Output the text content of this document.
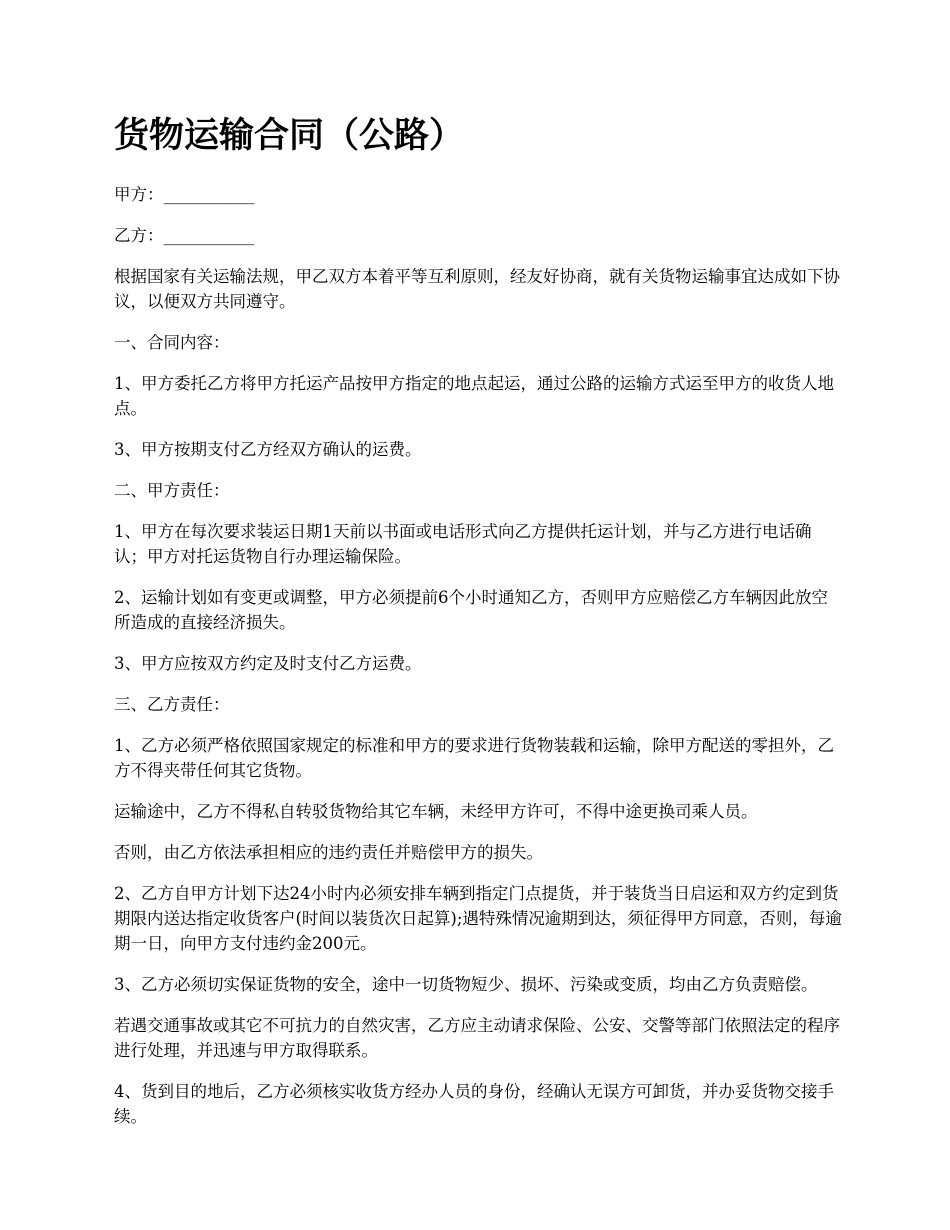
货物运输合同（公路）

甲方：___________

乙方：___________

根据国家有关运输法规，甲乙双方本着平等互利原则，经友好协商，就有关货物运输事宜达成如下协议，以便双方共同遵守。

一、合同内容：

1、甲方委托乙方将甲方托运产品按甲方指定的地点起运，通过公路的运输方式运至甲方的收货人地点。

3、甲方按期支付乙方经双方确认的运费。

二、甲方责任：

1、甲方在每次要求装运日期1天前以书面或电话形式向乙方提供托运计划，并与乙方进行电话确认；甲方对托运货物自行办理运输保险。

2、运输计划如有变更或调整，甲方必须提前6个小时通知乙方，否则甲方应赔偿乙方车辆因此放空所造成的直接经济损失。

3、甲方应按双方约定及时支付乙方运费。

三、乙方责任：

1、乙方必须严格依照国家规定的标准和甲方的要求进行货物装载和运输，除甲方配送的零担外，乙方不得夹带任何其它货物。

运输途中，乙方不得私自转驳货物给其它车辆，未经甲方许可，不得中途更换司乘人员。

否则，由乙方依法承担相应的违约责任并赔偿甲方的损失。

2、乙方自甲方计划下达24小时内必须安排车辆到指定门点提货，并于装货当日启运和双方约定到货期限内送达指定收货客户(时间以装货次日起算);遇特殊情况逾期到达，须征得甲方同意，否则，每逾期一日，向甲方支付违约金200元。

3、乙方必须切实保证货物的安全，途中一切货物短少、损坏、污染或变质，均由乙方负责赔偿。

若遇交通事故或其它不可抗力的自然灾害，乙方应主动请求保险、公安、交警等部门依照法定的程序进行处理，并迅速与甲方取得联系。

4、货到目的地后，乙方必须核实收货方经办人员的身份，经确认无误方可卸货，并办妥货物交接手续。
